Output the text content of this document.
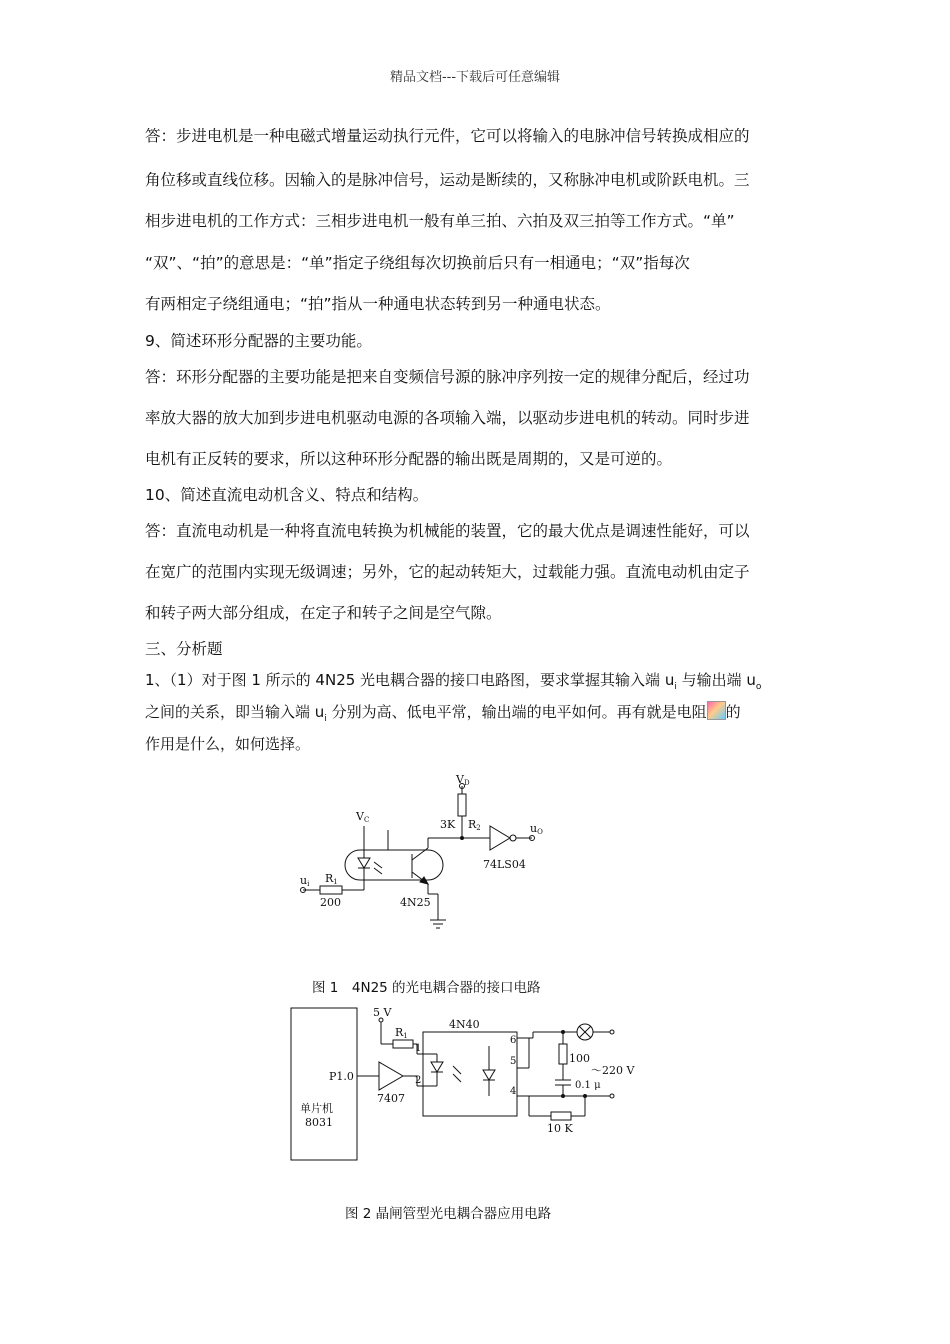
精品文档---下载后可任意编辑
答：步进电机是一种电磁式增量运动执行元件，它可以将输入的电脉冲信号转换成相应的
角位移或直线位移。因输入的是脉冲信号，运动是断续的，又称脉冲电机或阶跃电机。三
相步进电机的工作方式：三相步进电机一般有单三拍、六拍及双三拍等工作方式。“单”
“双”、“拍”的意思是：“单”指定子绕组每次切换前后只有一相通电；“双”指每次
有两相定子绕组通电；“拍”指从一种通电状态转到另一种通电状态。
9、简述环形分配器的主要功能。
答：环形分配器的主要功能是把来自变频信号源的脉冲序列按一定的规律分配后，经过功
率放大器的放大加到步进电机驱动电源的各项输入端，以驱动步进电机的转动。同时步进
电机有正反转的要求，所以这种环形分配器的输出既是周期的，又是可逆的。
10、简述直流电动机含义、特点和结构。
答：直流电动机是一种将直流电转换为机械能的装置，它的最大优点是调速性能好，可以
在宽广的范围内实现无级调速；另外，它的起动转矩大，过载能力强。直流电动机由定子
和转子两大部分组成，在定子和转子之间是空气隙。
三、分析题
1、（1）对于图 1 所示的 4N25 光电耦合器的接口电路图，要求掌握其输入端 $u_i$ 与输出端 $u_o$
之间的关系，即当输入端 $u_i$ 分别为高、低电平常，输出端的电平如何。再有就是电阻 的
作用是什么，如何选择。
VD
VC	3K R2	uO
74LS04
ui R1
200	4N25
图 1　4N25 的光电耦合器的接口电路
单片机
8031
P1.0
5 V
R1
7407
4N40
1
2
6
5
4
100
～220 V
0.1 μ
10 K
图 2 晶闸管型光电耦合器应用电路
